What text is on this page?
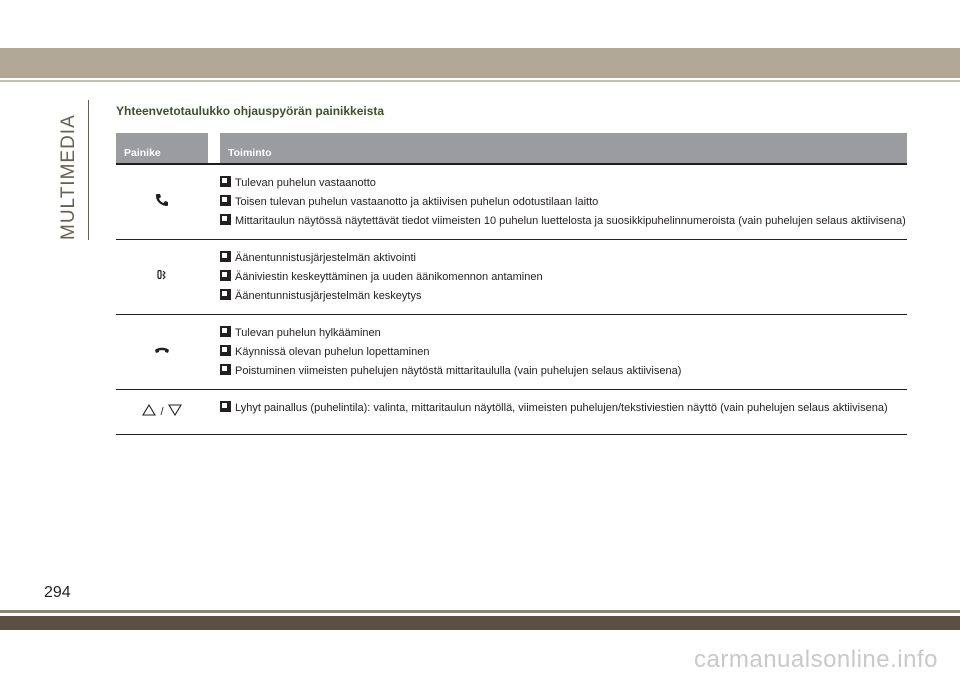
MULTIMEDIA
Yhteenvetotaulukko ohjauspyörän painikkeista
Painike		Toiminto

Tulevan puhelun vastaanotto
Toisen tulevan puhelun vastaanotto ja aktiivisen puhelun odotustilaan laitto
Mittaritaulun näytössä näytettävät tiedot viimeisten 10 puhelun luettelosta ja suosikkipuhelinnumeroista (vain puhelujen selaus aktiivisena)

Äänentunnistusjärjestelmän aktivointi
Ääniviestin keskeyttäminen ja uuden äänikomennon antaminen
Äänentunnistusjärjestelmän keskeytys

Tulevan puhelun hylkääminen
Käynnissä olevan puhelun lopettaminen
Poistuminen viimeisten puhelujen näytöstä mittaritaululla (vain puhelujen selaus aktiivisena)

/		Lyhyt painallus (puhelintila): valinta, mittaritaulun näytöllä, viimeisten puhelujen/tekstiviestien näyttö (vain puhelujen selaus aktiivisena)
294
carmanualsonline.info
